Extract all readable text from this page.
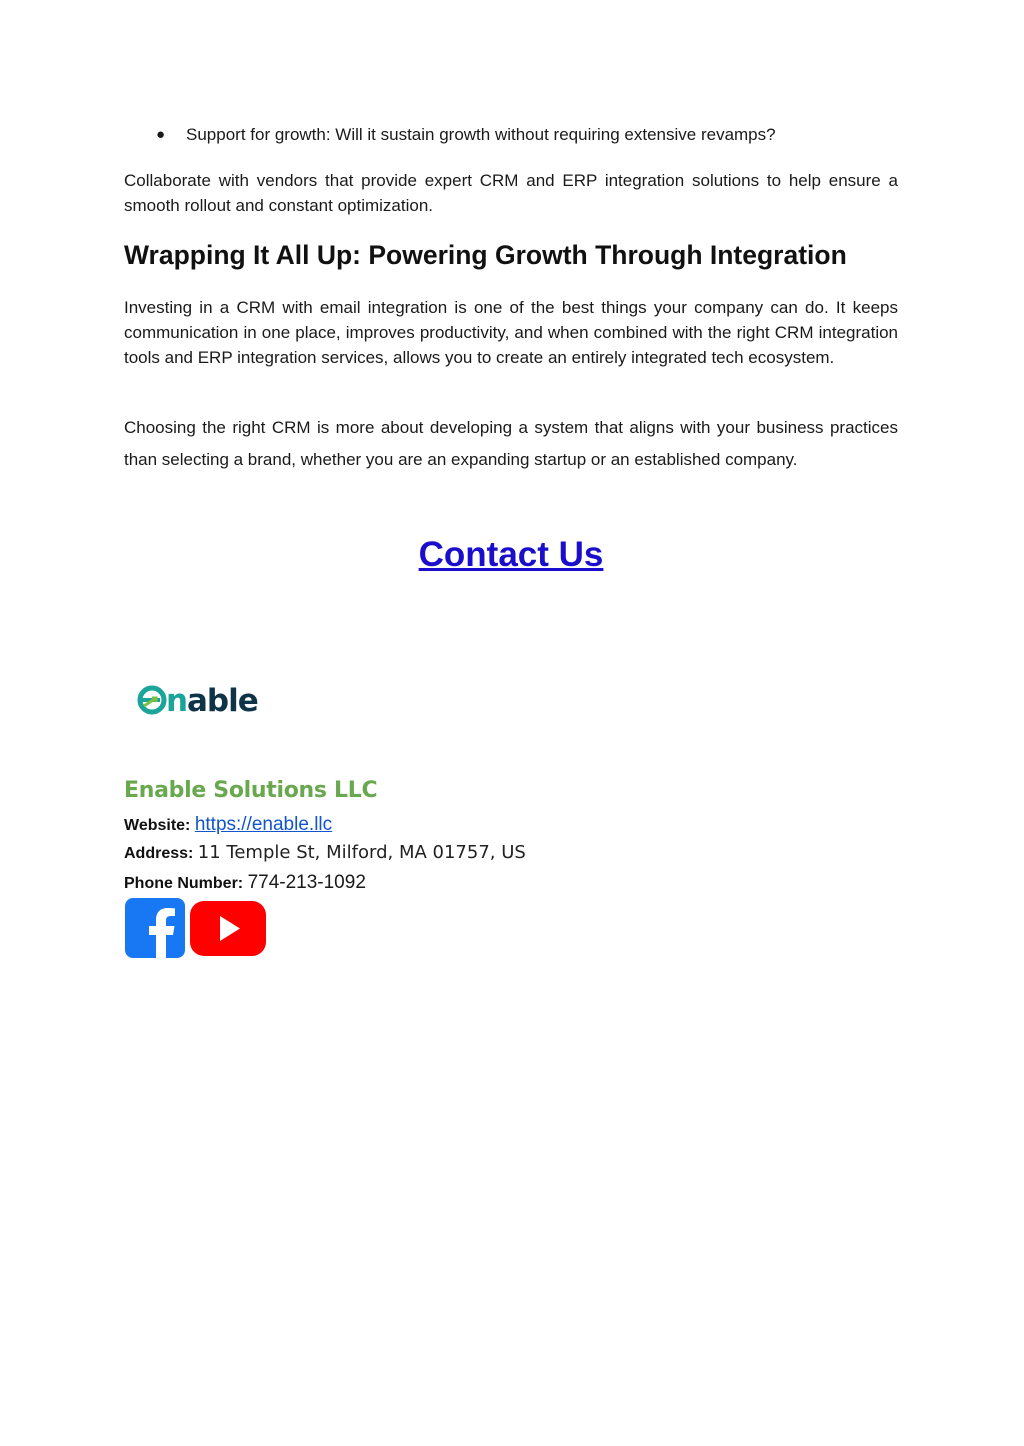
● Support for growth: Will it sustain growth without requiring extensive revamps?

Collaborate with vendors that provide expert CRM and ERP integration solutions to help ensure a smooth rollout and constant optimization.

Wrapping It All Up: Powering Growth Through Integration

Investing in a CRM with email integration is one of the best things your company can do. It keeps communication in one place, improves productivity, and when combined with the right CRM integration tools and ERP integration services, allows you to create an entirely integrated tech ecosystem.

Choosing the right CRM is more about developing a system that aligns with your business practices than selecting a brand, whether you are an expanding startup or an established company.

Contact Us
n able
Enable Solutions LLC
Website: https://enable.llc
Address: 11 Temple St, Milford, MA 01757, US
Phone Number: 774-213-1092
